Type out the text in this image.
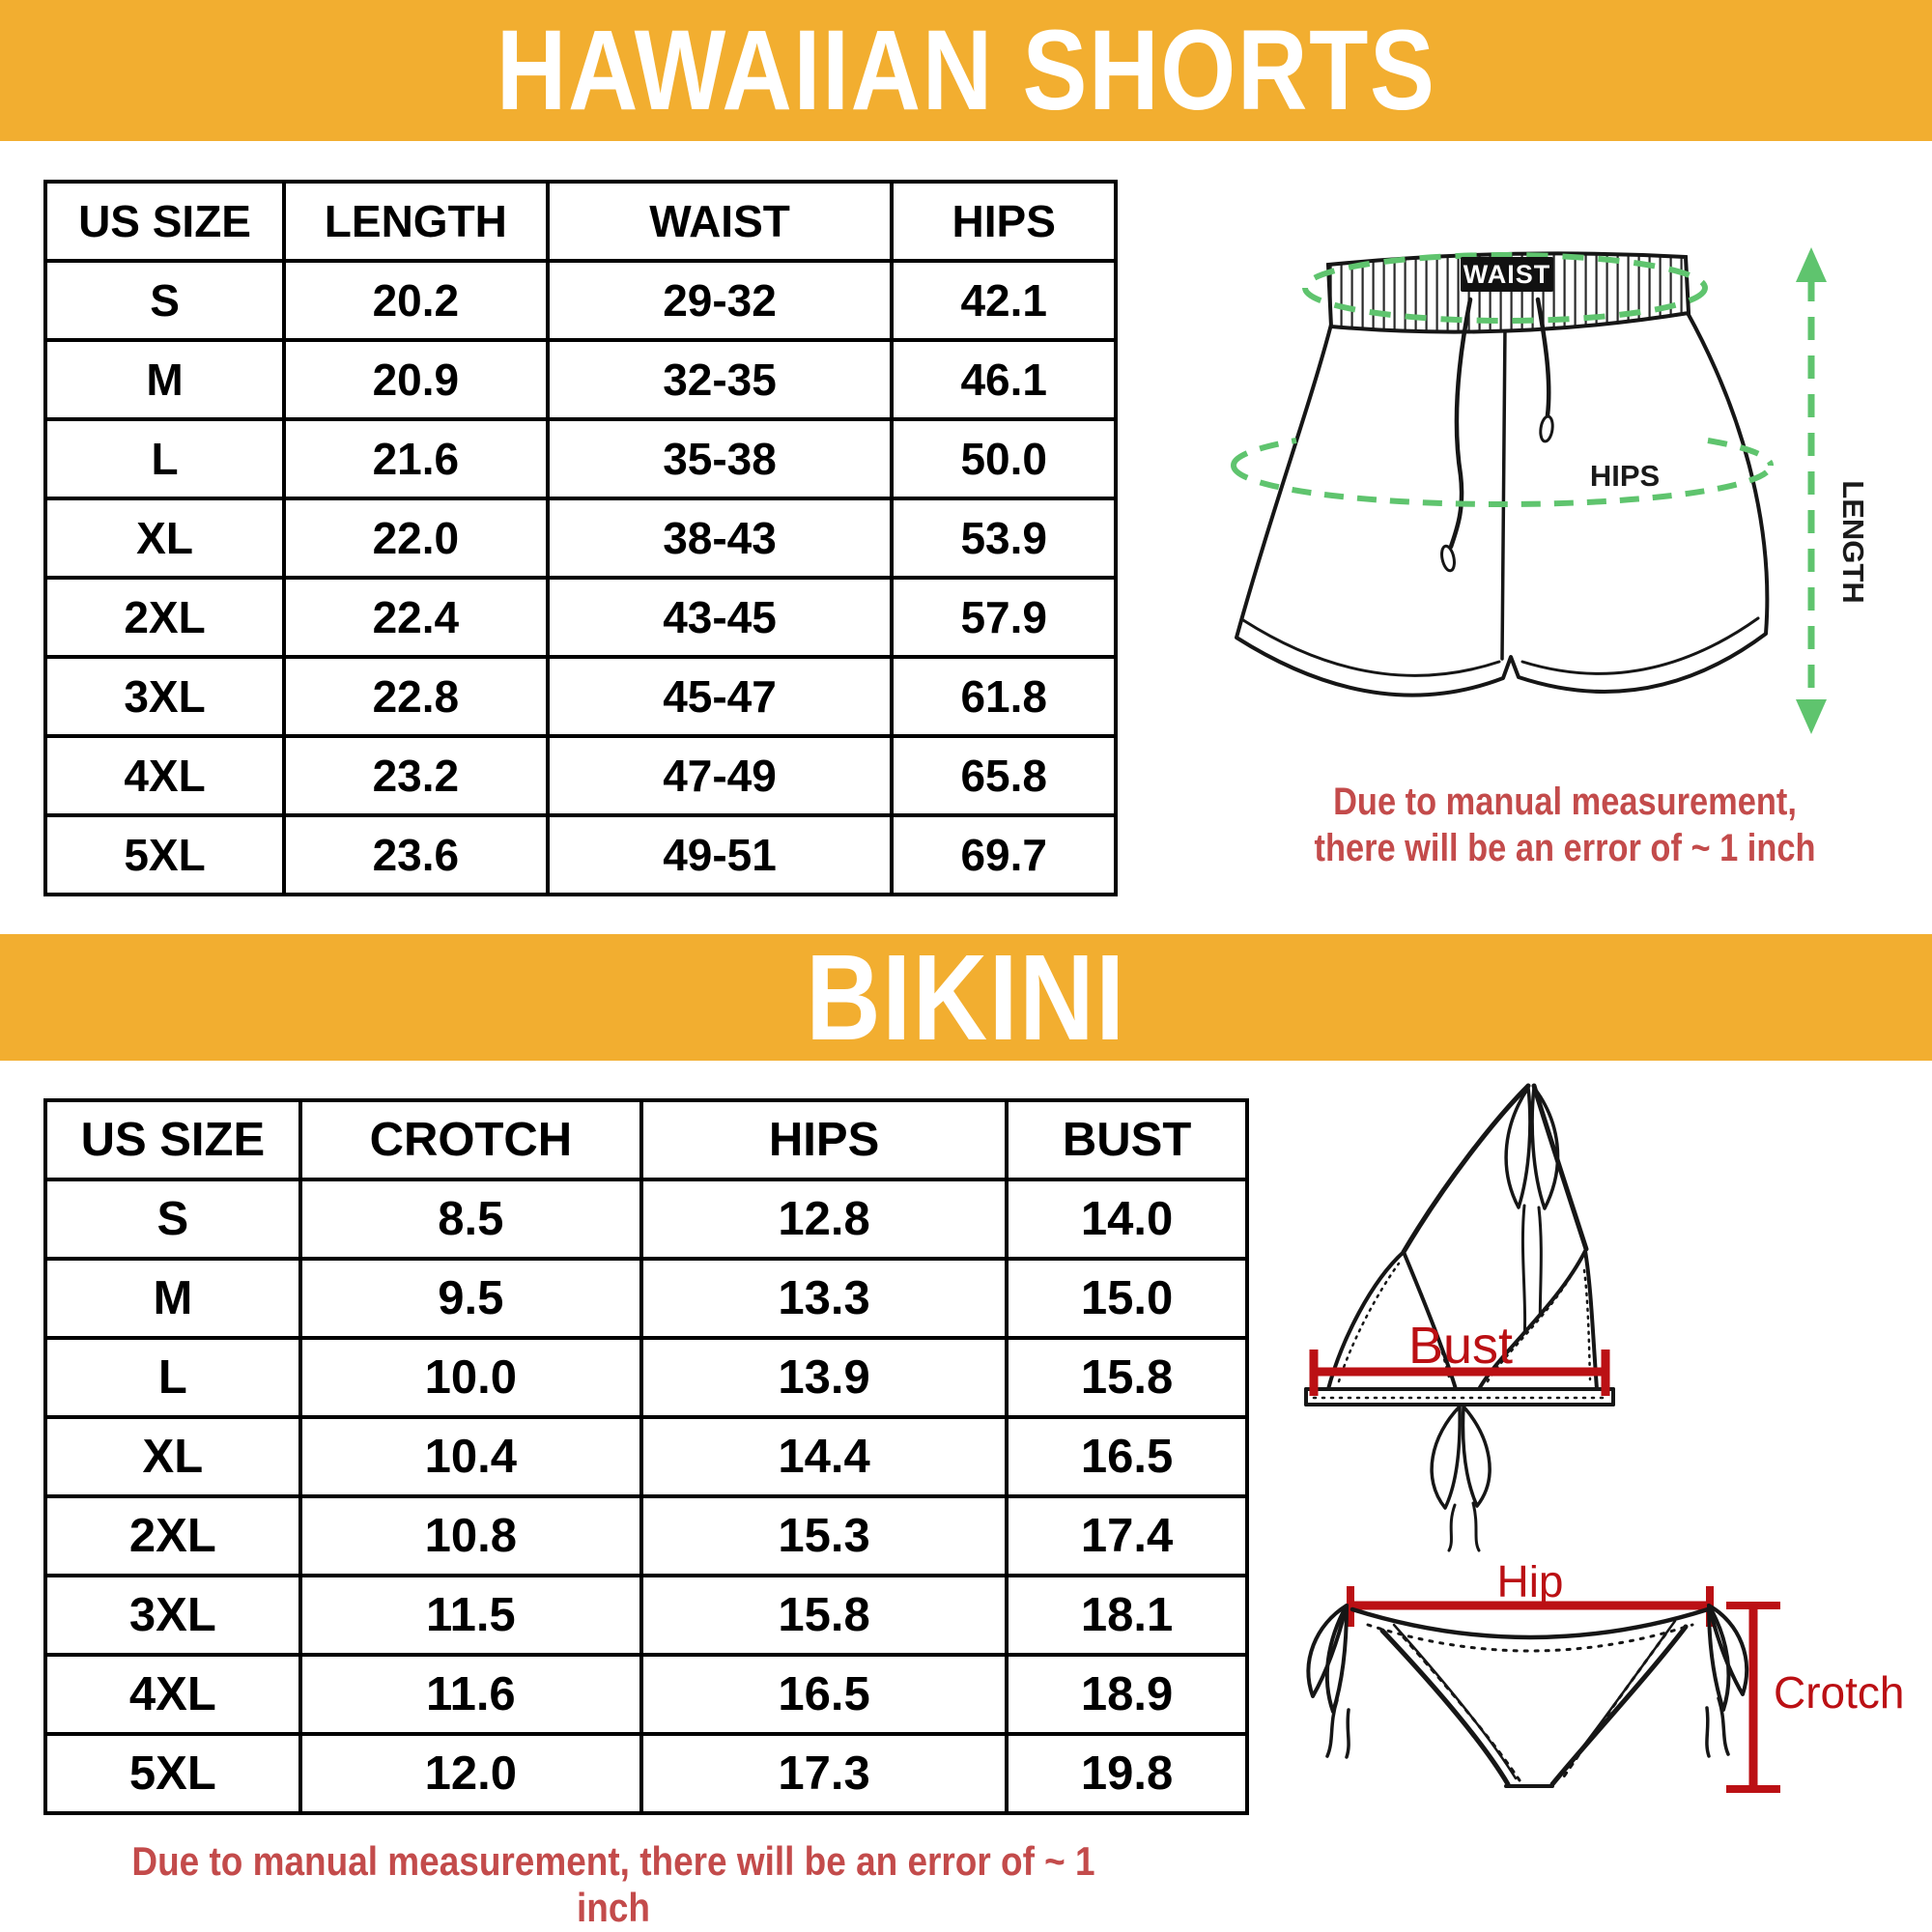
HAWAIIAN SHORTS
US SIZE	LENGTH	WAIST	HIPS
S	20.2	29-32	42.1
M	20.9	32-35	46.1
L	21.6	35-38	50.0
XL	22.0	38-43	53.9
2XL	22.4	43-45	57.9
3XL	22.8	45-47	61.8
4XL	23.2	47-49	65.8
5XL	23.6	49-51	69.7
WAIST
HIPS
LENGTH
Due to manual measurement,
there will be an error of ~ 1 inch
BIKINI
US SIZE	CROTCH	HIPS	BUST
S	8.5	12.8	14.0
M	9.5	13.3	15.0
L	10.0	13.9	15.8
XL	10.4	14.4	16.5
2XL	10.8	15.3	17.4
3XL	11.5	15.8	18.1
4XL	11.6	16.5	18.9
5XL	12.0	17.3	19.8
Bust
Hip
Crotch
Due to manual measurement, there will be an error of ~ 1 inch
